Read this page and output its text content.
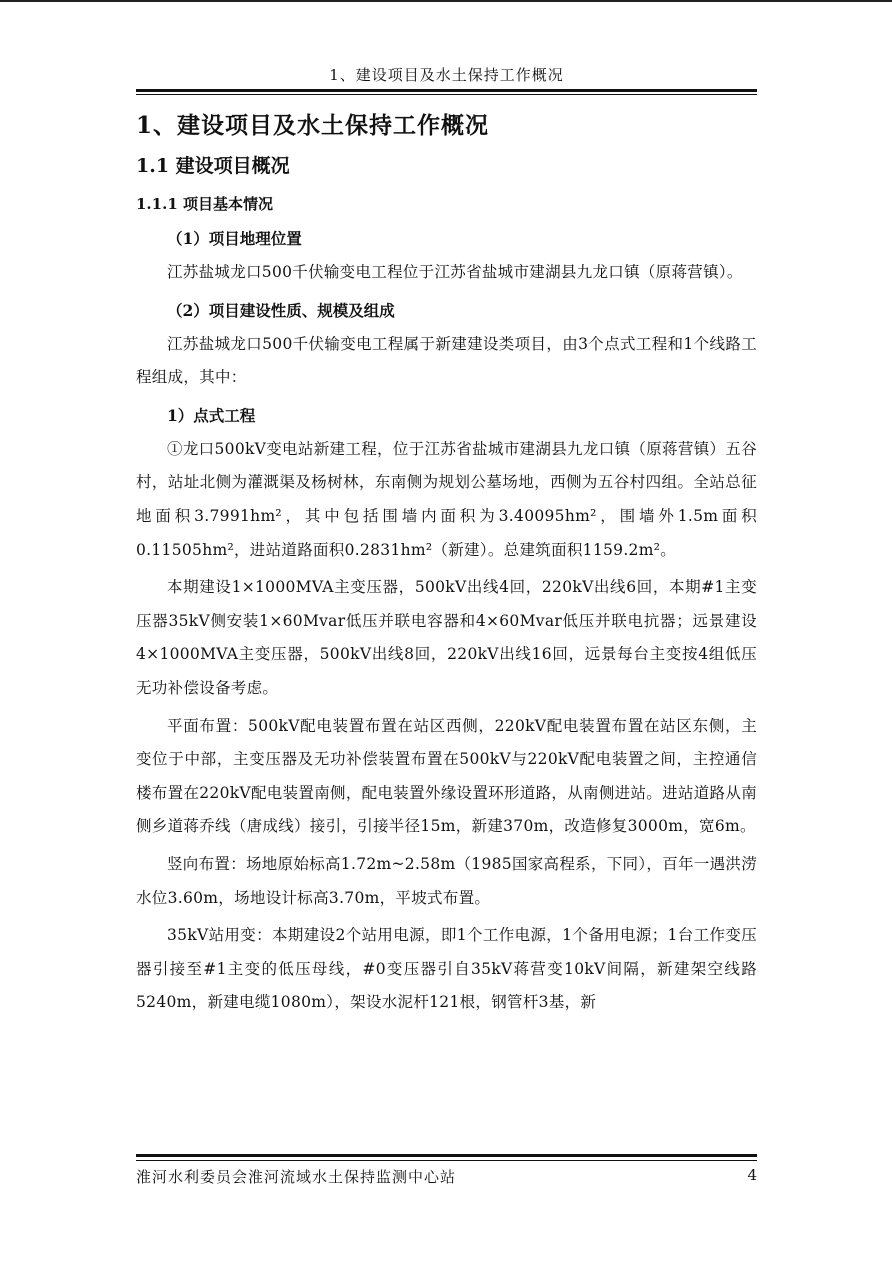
1、建设项目及水土保持工作概况
1、建设项目及水土保持工作概况
1.1 建设项目概况
1.1.1 项目基本情况
（1）项目地理位置

江苏盐城龙口500千伏输变电工程位于江苏省盐城市建湖县九龙口镇（原蒋营镇）。

（2）项目建设性质、规模及组成

江苏盐城龙口500千伏输变电工程属于新建建设类项目，由3个点式工程和1个线路工程组成，其中：

1）点式工程

①龙口500kV变电站新建工程，位于江苏省盐城市建湖县九龙口镇（原蒋营镇）五谷村，站址北侧为灌溉渠及杨树林，东南侧为规划公墓场地，西侧为五谷村四组。全站总征地面积3.7991hm²，其中包括围墙内面积为3.40095hm²，围墙外1.5m面积0.11505hm²，进站道路面积0.2831hm²（新建）。总建筑面积1159.2m²。

本期建设1×1000MVA主变压器，500kV出线4回，220kV出线6回，本期#1主变压器35kV侧安装1×60Mvar低压并联电容器和4×60Mvar低压并联电抗器；远景建设4×1000MVA主变压器，500kV出线8回，220kV出线16回，远景每台主变按4组低压无功补偿设备考虑。

平面布置：500kV配电装置布置在站区西侧，220kV配电装置布置在站区东侧，主变位于中部，主变压器及无功补偿装置布置在500kV与220kV配电装置之间，主控通信楼布置在220kV配电装置南侧，配电装置外缘设置环形道路，从南侧进站。进站道路从南侧乡道蒋乔线（唐成线）接引，引接半径15m，新建370m，改造修复3000m，宽6m。

竖向布置：场地原始标高1.72m~2.58m（1985国家高程系，下同），百年一遇洪涝水位3.60m，场地设计标高3.70m，平坡式布置。

35kV站用变：本期建设2个站用电源，即1个工作电源，1个备用电源；1台工作变压器引接至#1主变的低压母线，#0变压器引自35kV蒋营变10kV间隔，新建架空线路5240m，新建电缆1080m），架设水泥杆121根，钢管杆3基，新

淮河水利委员会淮河流域水土保持监测中心站	4
